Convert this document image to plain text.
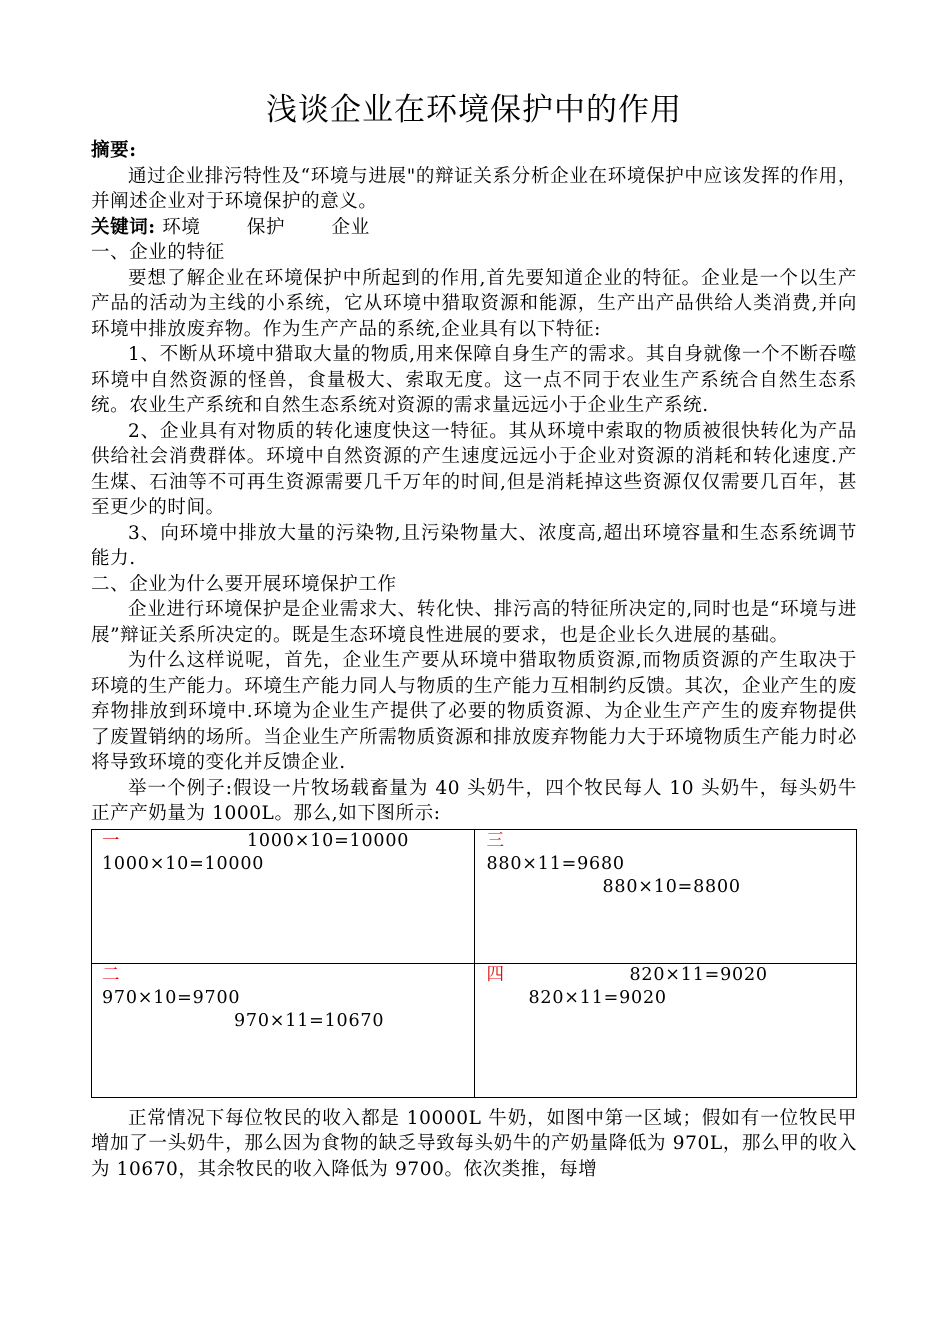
浅谈企业在环境保护中的作用

摘要:

通过企业排污特性及“环境与进展"的辩证关系分析企业在环境保护中应该发挥的作用，并阐述企业对于环境保护的意义。

关键词: 环境	保护	企业

一、企业的特征

要想了解企业在环境保护中所起到的作用,首先要知道企业的特征。企业是一个以生产产品的活动为主线的小系统，它从环境中猎取资源和能源，生产出产品供给人类消费,并向环境中排放废弃物。作为生产产品的系统,企业具有以下特征:

1、不断从环境中猎取大量的物质,用来保障自身生产的需求。其自身就像一个不断吞噬环境中自然资源的怪兽，食量极大、索取无度。这一点不同于农业生产系统合自然生态系统。农业生产系统和自然生态系统对资源的需求量远远小于企业生产系统.

2、企业具有对物质的转化速度快这一特征。其从环境中索取的物质被很快转化为产品供给社会消费群体。环境中自然资源的产生速度远远小于企业对资源的消耗和转化速度.产生煤、石油等不可再生资源需要几千万年的时间,但是消耗掉这些资源仅仅需要几百年，甚至更少的时间。

3、向环境中排放大量的污染物,且污染物量大、浓度高,超出环境容量和生态系统调节能力.

二、企业为什么要开展环境保护工作

企业进行环境保护是企业需求大、转化快、排污高的特征所决定的,同时也是“环境与进展”辩证关系所决定的。既是生态环境良性进展的要求，也是企业长久进展的基础。

为什么这样说呢，首先，企业生产要从环境中猎取物质资源,而物质资源的产生取决于环境的生产能力。环境生产能力同人与物质的生产能力互相制约反馈。其次，企业产生的废弃物排放到环境中.环境为企业生产提供了必要的物质资源、为企业生产产生的废弃物提供了废置销纳的场所。当企业生产所需物质资源和排放废弃物能力大于环境物质生产能力时必将导致环境的变化并反馈企业.

举一个例子:假设一片牧场载畜量为 40 头奶牛，四个牧民每人 10 头奶牛，每头奶牛正产产奶量为 1000L。那么,如下图所示:

一 1000×10=10000
1000×10=10000	三
880×11=9680
880×10=8800

二
970×10=9700
970×11=10670	四 820×11=9020
820×11=9020

正常情况下每位牧民的收入都是 10000L 牛奶，如图中第一区域；假如有一位牧民甲增加了一头奶牛，那么因为食物的缺乏导致每头奶牛的产奶量降低为 970L，那么甲的收入为 10670，其余牧民的收入降低为 9700。依次类推，每增
